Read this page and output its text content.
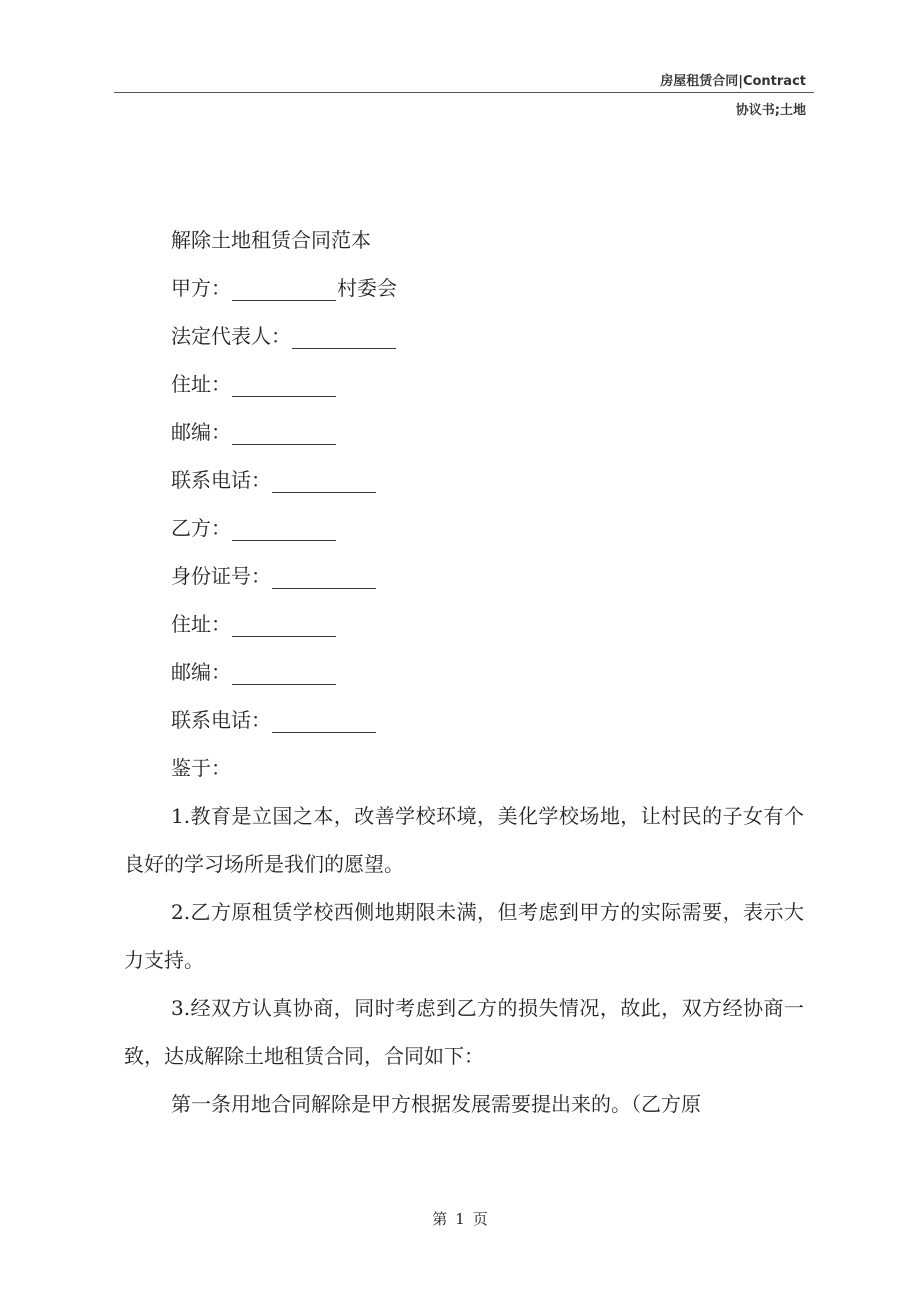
房屋租赁合同|Contract
协议书;土地
解除土地租赁合同范本
甲方：	村委会
法定代表人：
住址：
邮编：
联系电话：
乙方：
身份证号：
住址：
邮编：
联系电话：
鉴于：

1.教育是立国之本，改善学校环境，美化学校场地，让村民的子女有个良好的学习场所是我们的愿望。

2.乙方原租赁学校西侧地期限未满，但考虑到甲方的实际需要，表示大力支持。

3.经双方认真协商，同时考虑到乙方的损失情况，故此，双方经协商一致，达成解除土地租赁合同，合同如下：

第一条用地合同解除是甲方根据发展需要提出来的。（乙方原

第 1 页
